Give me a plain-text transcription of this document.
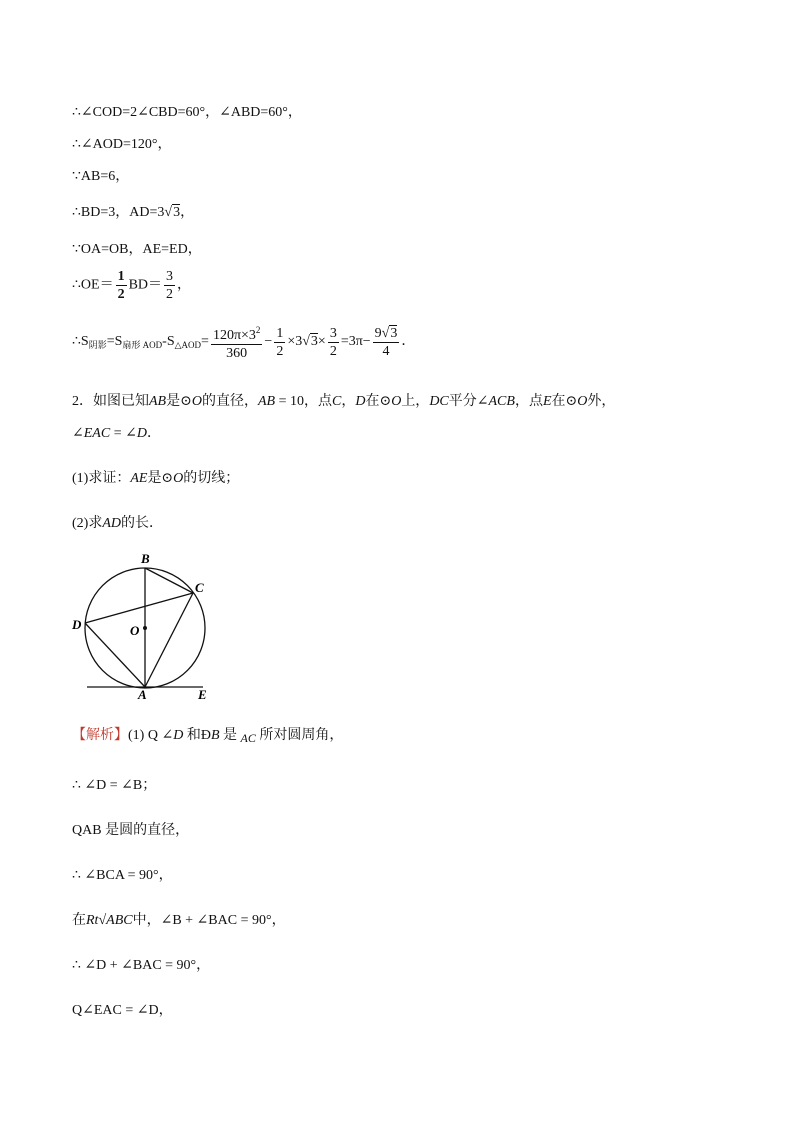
∴∠COD=2∠CBD=60°，∠ABD=60°，
∴∠AOD=120°，
∵AB=6，
∴BD=3，AD=3√3，
∵OA=OB，AE=ED，
∴OE＝ $\frac{1}{2} BD= \frac{3}{2}$ ，
$\therefore S_{阴影}=S_{扇形 AOD}-S_{\triangle AOD}= \frac{120\pi\times 3^2}{360} - \frac{1}{2} \times 3√3\times \frac{3}{2} =3\pi- \frac{9√3}{4}$ ．
2．如图已知AB是⊙O的直径，AB = 10，点C，D在⊙O上，DC平分∠ACB，点E在⊙O外，
∠EAC = ∠D．
(1)求证：AE是⊙O的切线；
(2)求AD的长．
B
C
D	O
A	E
【解析】(1) Q ∠D 和ÐB 是 AC 所对圆周角，
∴ ∠D = ∠B；
QAB 是圆的直径，
∴ ∠BCA = 90°，
在Rt√ABC中，∠B + ∠BAC = 90°，
∴ ∠D + ∠BAC = 90°，
Q∠EAC = ∠D，
